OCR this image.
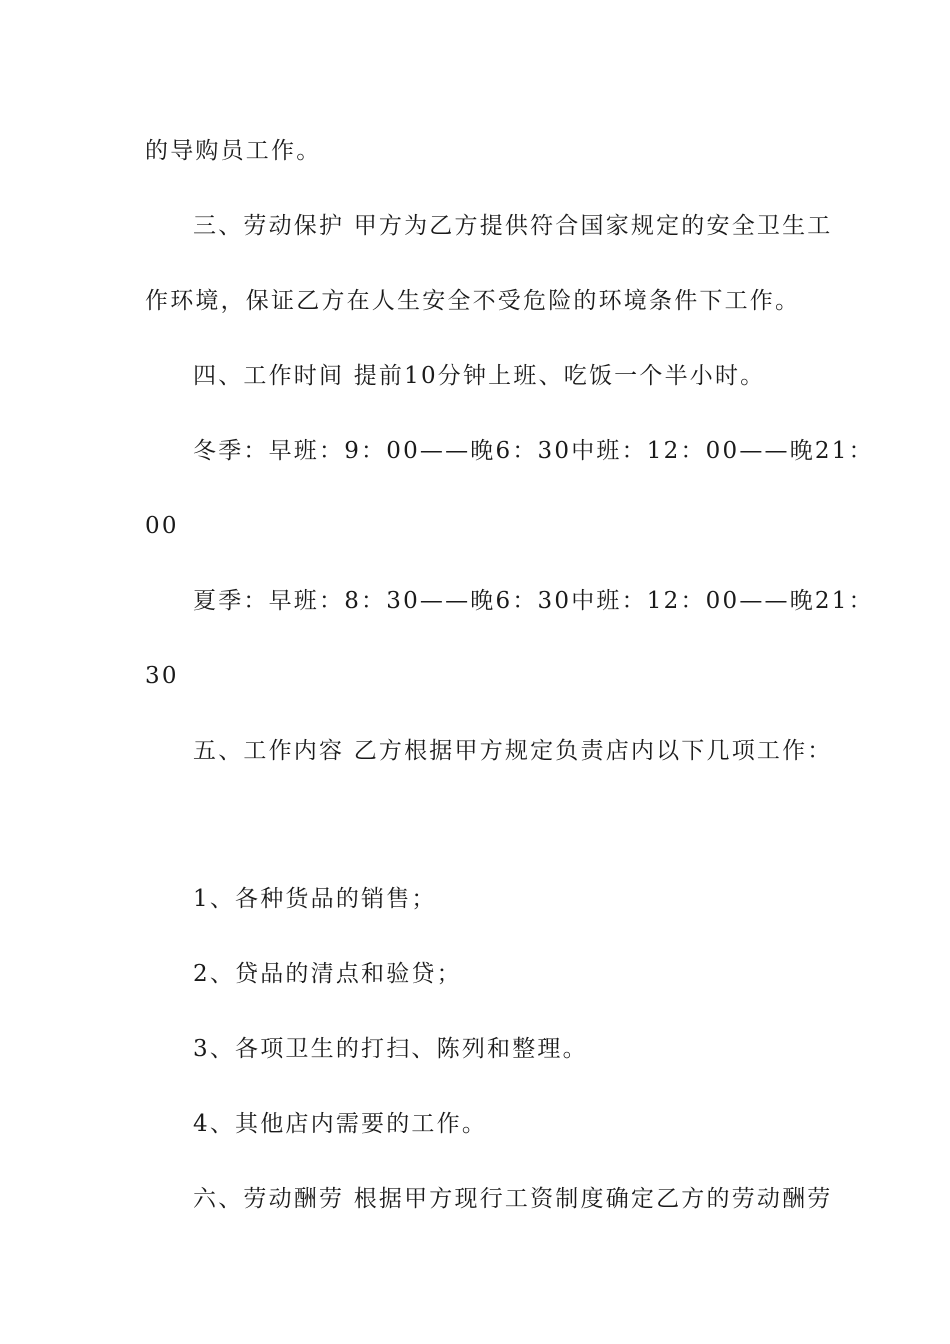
的导购员工作。
三、劳动保护 甲方为乙方提供符合国家规定的安全卫生工
作环境，保证乙方在人生安全不受危险的环境条件下工作。
四、工作时间 提前10分钟上班、吃饭一个半小时。
冬季：早班：9：00——晚6：30中班：12：00——晚21：
00
夏季：早班：8：30——晚6：30中班：12：00——晚21：
30
五、工作内容 乙方根据甲方规定负责店内以下几项工作：
1、各种货品的销售；
2、贷品的清点和验贷；
3、各项卫生的打扫、陈列和整理。
4、其他店内需要的工作。
六、劳动酬劳 根据甲方现行工资制度确定乙方的劳动酬劳
